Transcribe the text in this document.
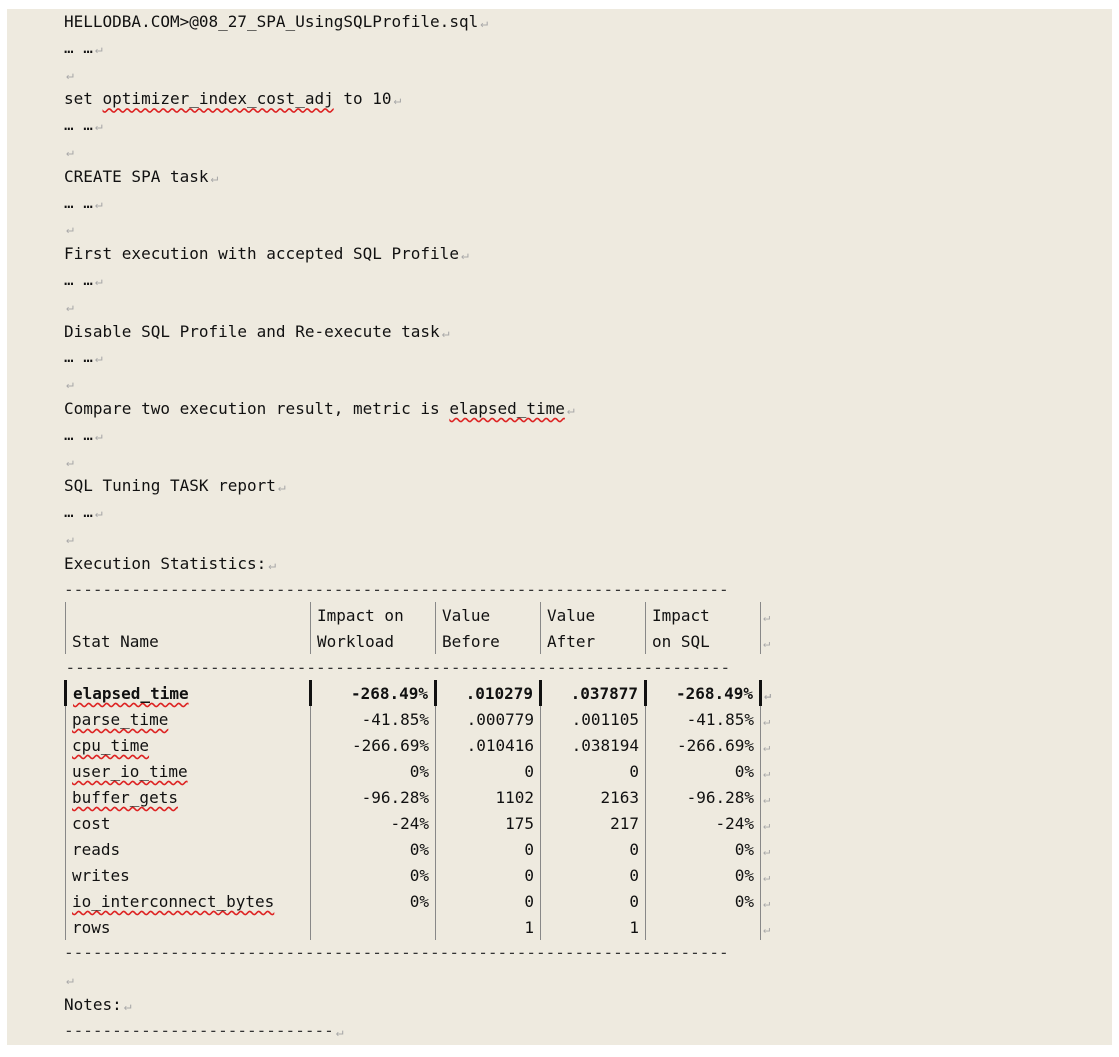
HELLODBA.COM>@08_27_SPA_UsingSQLProfile.sql ↵
… … ↵
↵
set optimizer_index_cost_adj to 10 ↵
… … ↵
↵
CREATE SPA task ↵
… … ↵
↵
First execution with accepted SQL Profile ↵
… … ↵
↵
Disable SQL Profile and Re-execute task ↵
… … ↵
↵
Compare two execution result, metric is elapsed_time ↵
… … ↵
↵
SQL Tuning TASK report ↵
… … ↵
↵
Execution Statistics: ↵
---------------------------------------------------------------------
	Impact on	Value	Value	Impact	↵
Stat Name	Workload	Before	After	on SQL	↵
---------------------------------------------------------------------					
elapsed_time	-268.49%	.010279	.037877	-268.49%	↵
parse_time	-41.85%	.000779	.001105	-41.85%	↵
cpu_time	-266.69%	.010416	.038194	-266.69%	↵
user_io_time	0%	0	0	0%	↵
buffer_gets	-96.28%	1102	2163	-96.28%	↵
cost	-24%	175	217	-24%	↵
reads	0%	0	0	0%	↵
writes	0%	0	0	0%	↵
io_interconnect_bytes	0%	0	0	0%	↵
rows		1	1		↵
---------------------------------------------------------------------
↵
Notes: ↵
---------------------------- ↵
